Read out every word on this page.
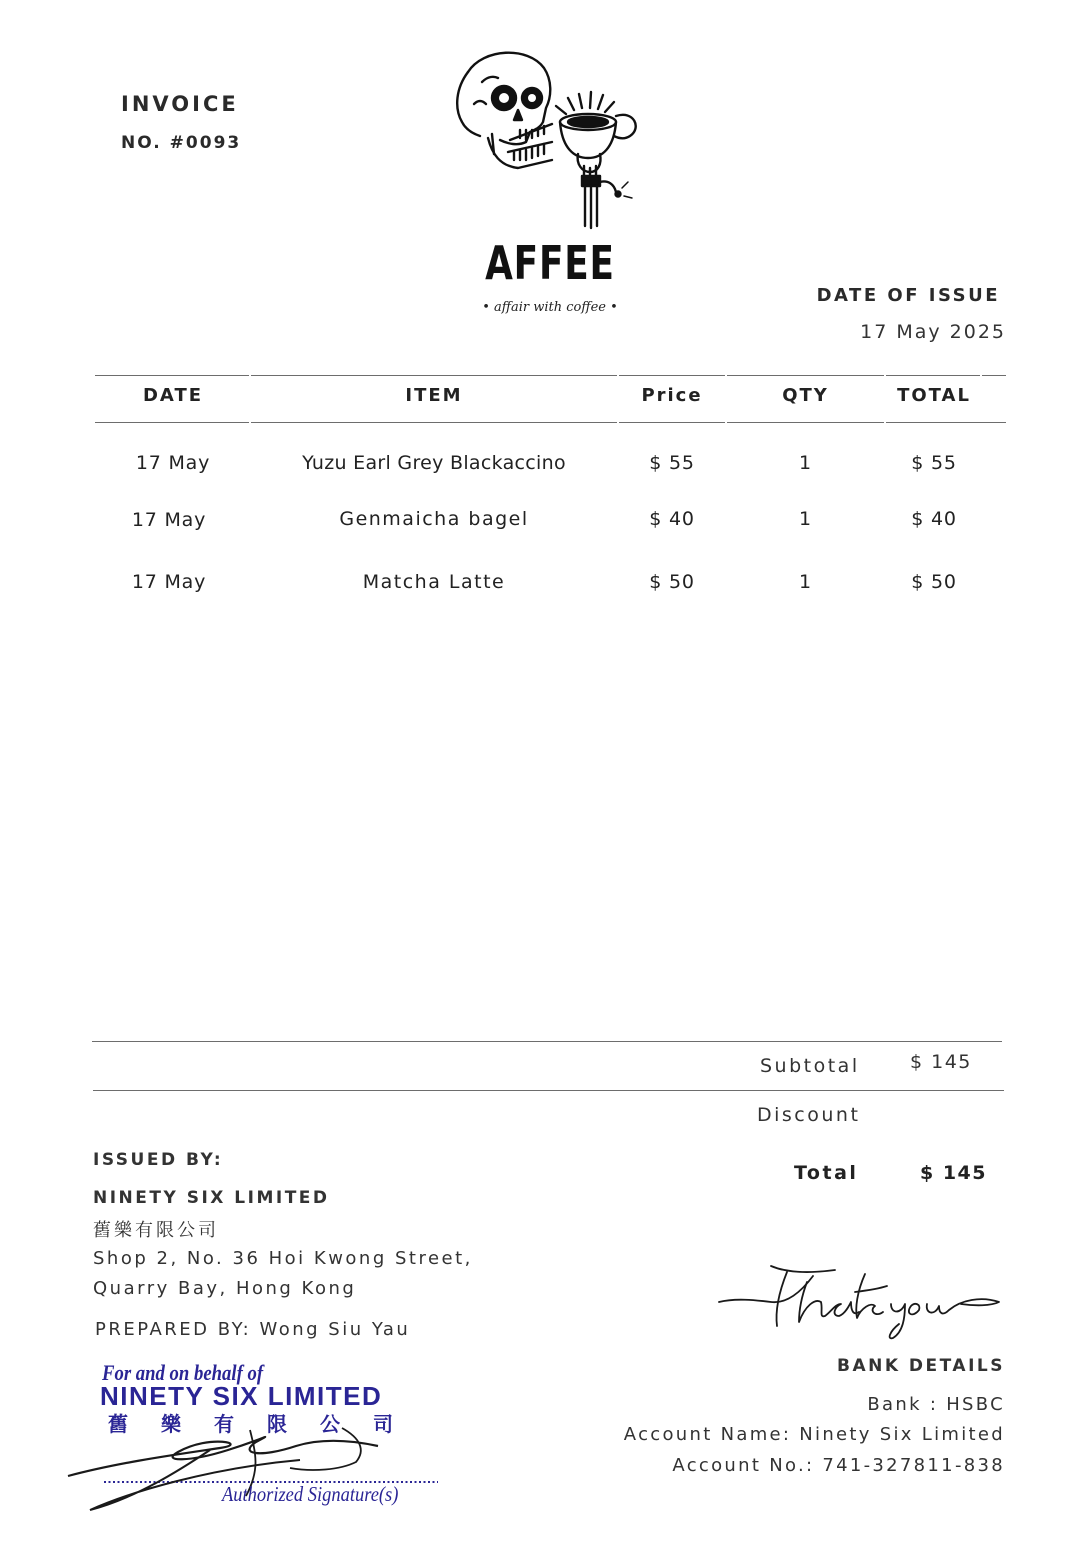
INVOICE
NO. #0093
AFFEE
• affair with coffee •
DATE OF ISSUE
17 May 2025
DATE	ITEM	Price	QTY	TOTAL
17 May	Yuzu Earl Grey Blackaccino	$ 55	1	$ 55
17 May	Genmaicha bagel	$ 40	1	$ 40
17 May	Matcha Latte	$ 50	1	$ 50
Subtotal	$ 145
Discount
Total	$ 145
ISSUED BY:
NINETY SIX LIMITED
舊樂有限公司
Shop 2, No. 36 Hoi Kwong Street,
Quarry Bay, Hong Kong
PREPARED BY: Wong Siu Yau
For and on behalf of
NINETY SIX LIMITED
舊樂有限公司
Authorized Signature(s)
BANK DETAILS
Bank : HSBC
Account Name: Ninety Six Limited
Account No.: 741-327811-838
